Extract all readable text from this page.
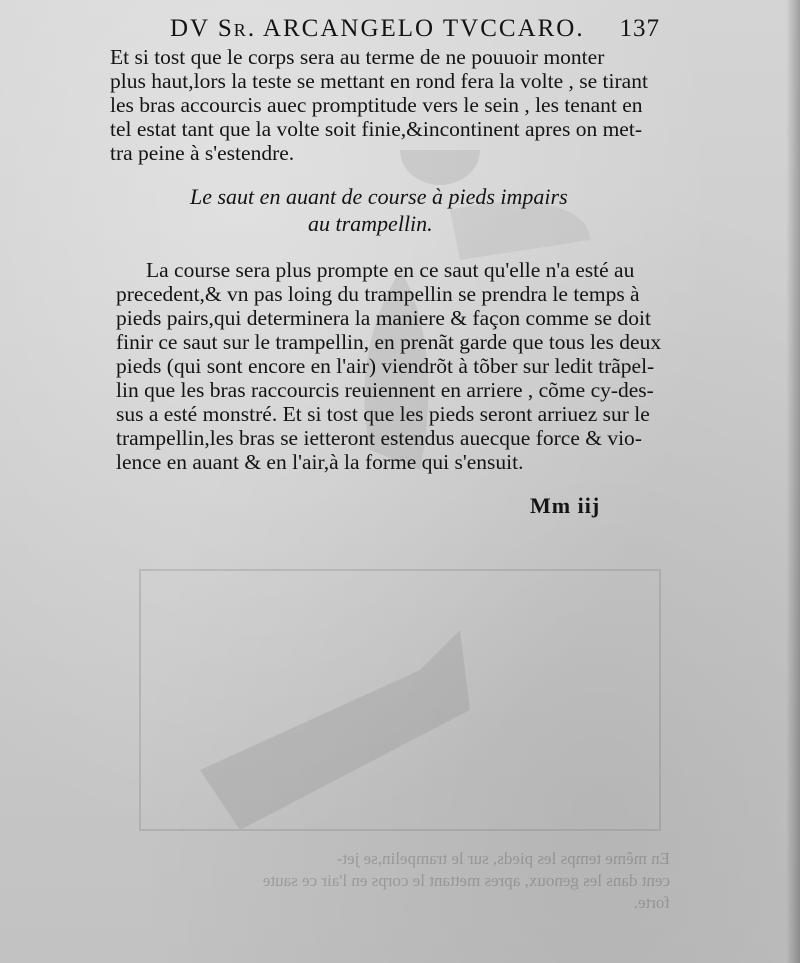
DV Sr. ARCANGELO TVCCARO. 137

Et si tost que le corps sera au terme de ne pouuoir monter
plus haut,lors la teste se mettant en rond fera la volte , se tirant
les bras accourcis auec promptitude vers le sein , les tenant en
tel estat tant que la volte soit finie,&incontinent apres on met-
tra peine à s'estendre.

Le saut en auant de course à pieds impairs
au trampellin.

La course sera plus prompte en ce saut qu'elle n'a esté au
precedent,& vn pas loing du trampellin se prendra le temps à
pieds pairs,qui determinera la maniere & façon comme se doit
finir ce saut sur le trampellin, en prenãt garde que tous les deux
pieds (qui sont encore en l'air) viendrõt à tõber sur ledit trãpel-
lin que les bras raccourcis reuiennent en arriere , cõme cy-des-
sus a esté monstré. Et si tost que les pieds seront arriuez sur le
trampellin,les bras se ietteront estendus auecque force & vio-
lence en auant & en l'air,à la forme qui s'ensuit.

Mm iij
En même temps les pieds, sur le trampelin,se jet-
cent dans les genoux, apres mettant le corps en l'air ce saute
forte.
